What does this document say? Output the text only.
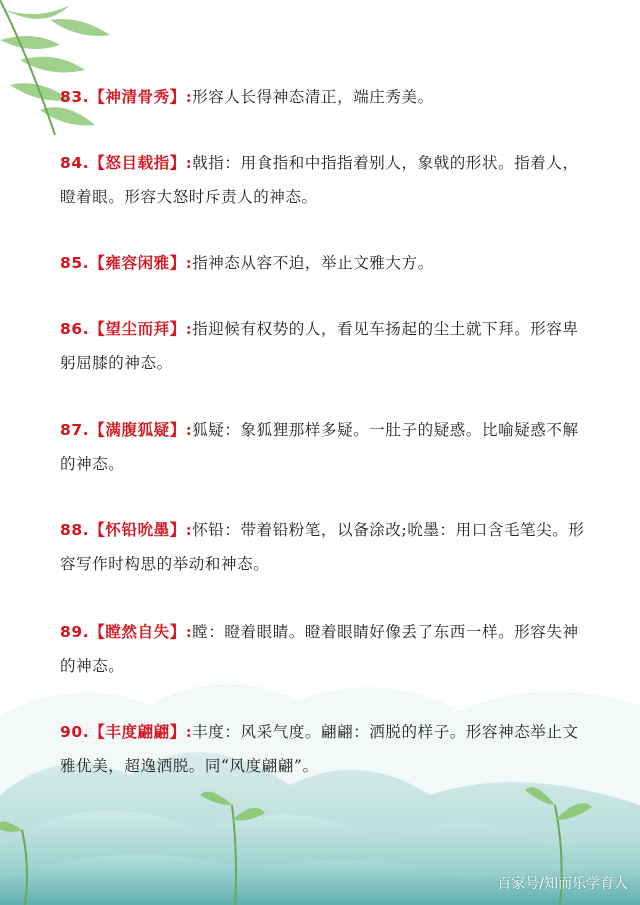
83.【神清骨秀】:形容人长得神态清正，端庄秀美。
84.【怒目载指】:戟指：用食指和中指指着别人，象戟的形状。指着人，瞪着眼。形容大怒时斥责人的神态。
85.【雍容闲雅】:指神态从容不迫，举止文雅大方。
86.【望尘而拜】:指迎候有权势的人，看见车扬起的尘土就下拜。形容卑躬屈膝的神态。
87.【满腹狐疑】:狐疑：象狐狸那样多疑。一肚子的疑惑。比喻疑惑不解的神态。
88.【怀铅吮墨】:怀铅：带着铅粉笔，以备涂改;吮墨：用口含毛笔尖。形容写作时构思的举动和神态。
89.【瞠然自失】:瞠：瞪着眼睛。瞪着眼睛好像丢了东西一样。形容失神的神态。
90.【丰度翩翩】:丰度：风采气度。翩翩：洒脱的样子。形容神态举止文雅优美，超逸洒脱。同“风度翩翩”。
百家号/知而乐学育人
